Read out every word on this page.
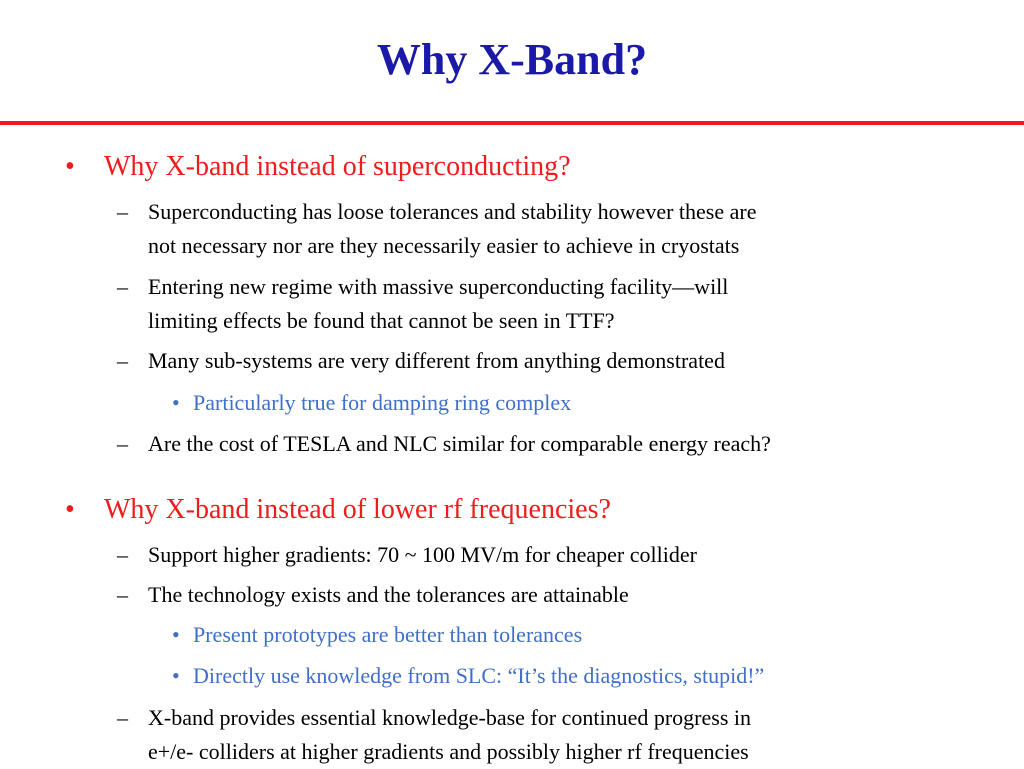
Why X-Band?
• Why X-band instead of superconducting?
– Superconducting has loose tolerances and stability however these are
not necessary nor are they necessarily easier to achieve in cryostats
– Entering new regime with massive superconducting facility—will
limiting effects be found that cannot be seen in TTF?
– Many sub-systems are very different from anything demonstrated
• Particularly true for damping ring complex
– Are the cost of TESLA and NLC similar for comparable energy reach?
• Why X-band instead of lower rf frequencies?
– Support higher gradients: 70 ~ 100 MV/m for cheaper collider
– The technology exists and the tolerances are attainable
• Present prototypes are better than tolerances
• Directly use knowledge from SLC: “It’s the diagnostics, stupid!”
– X-band provides essential knowledge-base for continued progress in
e+/e- colliders at higher gradients and possibly higher rf frequencies
